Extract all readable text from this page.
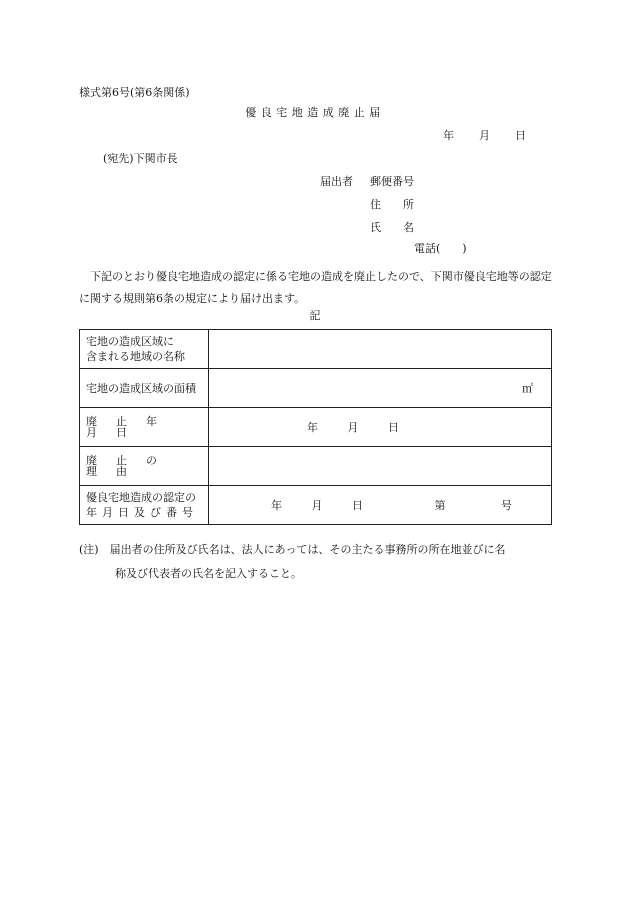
様式第6号(第6条関係)
優良宅地造成廃止届
年 月 日
(宛先)下関市長
届出者 郵便番号
住　　所
氏　　名
電話(　　)
下記のとおり優良宅地造成の認定に係る宅地の造成を廃止したので、下関市優良宅地等の認定に関する規則第6条の規定により届け出ます。
記
宅地の造成区域に
含まれる地域の名称	

宅地の造成区域の面積	㎡

廃止年月日	年 月 日

廃止の理由	

優良宅地造成の認定の
年月日及び番号	年 月 日 第 号
(注)　届出者の住所及び氏名は、法人にあっては、その主たる事務所の所在地並びに名
称及び代表者の氏名を記入すること。
